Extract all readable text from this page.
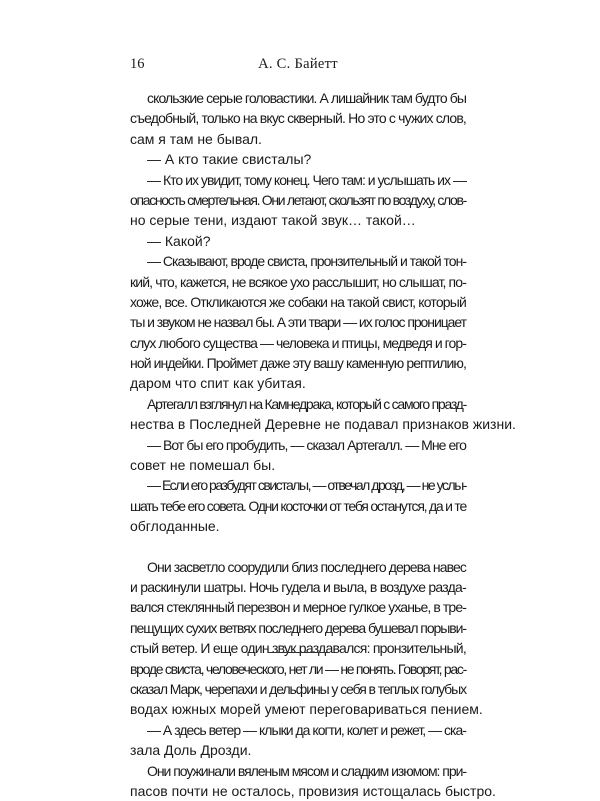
16	А. С. Байетт
скользкие серые головастики. А лишайник там будто бы
съедобный, только на вкус скверный. Но это с чужих слов,
сам я там не бывал.
— А кто такие свисталы?
— Кто их увидит, тому конец. Чего там: и услышать их —
опасность смертельная. Они летают, скользят по воздуху, слов-
но серые тени, издают такой звук… такой…
— Какой?
— Сказывают, вроде свиста, пронзительный и такой тон-
кий, что, кажется, не всякое ухо расслышит, но слышат, по-
хоже, все. Откликаются же собаки на такой свист, который
ты и звуком не назвал бы. А эти твари — их голос проницает
слух любого существа — человека и птицы, медведя и гор-
ной индейки. Проймет даже эту вашу каменную рептилию,
даром что спит как убитая.
Артегалл взглянул на Камнедрака, который с самого празд-
нества в Последней Деревне не подавал признаков жизни.
— Вот бы его пробудить, — сказал Артегалл. — Мне его
совет не помешал бы.
— Если его разбудят свисталы, — отвечал дрозд, — не услы-
шать тебе его совета. Одни косточки от тебя останутся, да и те
обглоданные.
Они засветло соорудили близ последнего дерева навес
и раскинули шатры. Ночь гудела и выла, в воздухе разда-
вался стеклянный перезвон и мерное гулкое уханье, в тре-
пещущих сухих ветвях последнего дерева бушевал порыви-
стый ветер. И еще один звук раздавался: пронзительный,
вроде свиста, человеческого, нет ли — не понять. Говорят, рас-
сказал Марк, черепахи и дельфины у себя в теплых голубых
водах южных морей умеют переговариваться пением.
— А здесь ветер — клыки да когти, колет и режет, — ска-
зала Доль Дрозди.
Они поужинали вяленым мясом и сладким изюмом: при-
пасов почти не осталось, провизия истощалась быстро.
